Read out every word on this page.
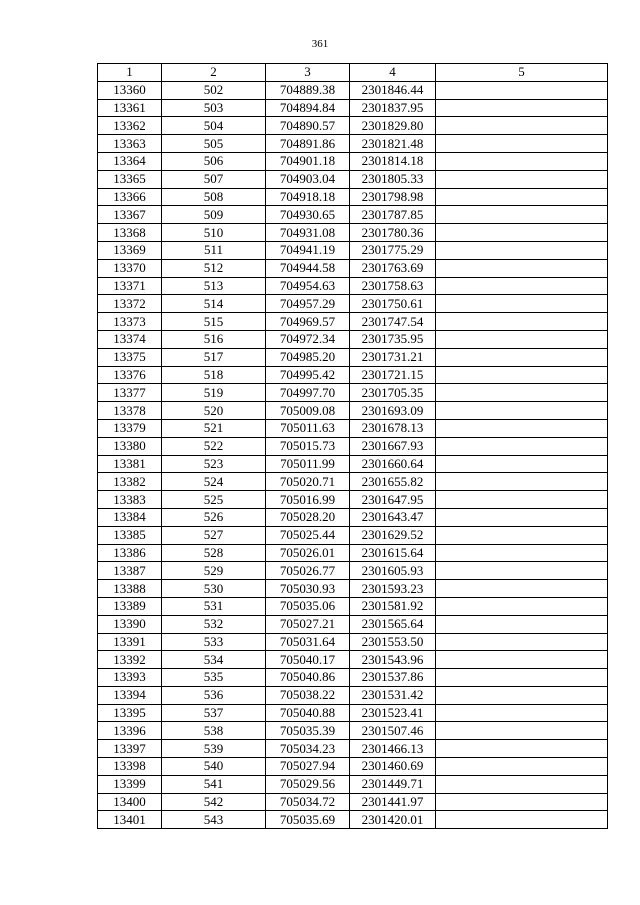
361
1	2	3	4	5
13360	502	704889.38	2301846.44	
13361	503	704894.84	2301837.95	
13362	504	704890.57	2301829.80	
13363	505	704891.86	2301821.48	
13364	506	704901.18	2301814.18	
13365	507	704903.04	2301805.33	
13366	508	704918.18	2301798.98	
13367	509	704930.65	2301787.85	
13368	510	704931.08	2301780.36	
13369	511	704941.19	2301775.29	
13370	512	704944.58	2301763.69	
13371	513	704954.63	2301758.63	
13372	514	704957.29	2301750.61	
13373	515	704969.57	2301747.54	
13374	516	704972.34	2301735.95	
13375	517	704985.20	2301731.21	
13376	518	704995.42	2301721.15	
13377	519	704997.70	2301705.35	
13378	520	705009.08	2301693.09	
13379	521	705011.63	2301678.13	
13380	522	705015.73	2301667.93	
13381	523	705011.99	2301660.64	
13382	524	705020.71	2301655.82	
13383	525	705016.99	2301647.95	
13384	526	705028.20	2301643.47	
13385	527	705025.44	2301629.52	
13386	528	705026.01	2301615.64	
13387	529	705026.77	2301605.93	
13388	530	705030.93	2301593.23	
13389	531	705035.06	2301581.92	
13390	532	705027.21	2301565.64	
13391	533	705031.64	2301553.50	
13392	534	705040.17	2301543.96	
13393	535	705040.86	2301537.86	
13394	536	705038.22	2301531.42	
13395	537	705040.88	2301523.41	
13396	538	705035.39	2301507.46	
13397	539	705034.23	2301466.13	
13398	540	705027.94	2301460.69	
13399	541	705029.56	2301449.71	
13400	542	705034.72	2301441.97	
13401	543	705035.69	2301420.01	
